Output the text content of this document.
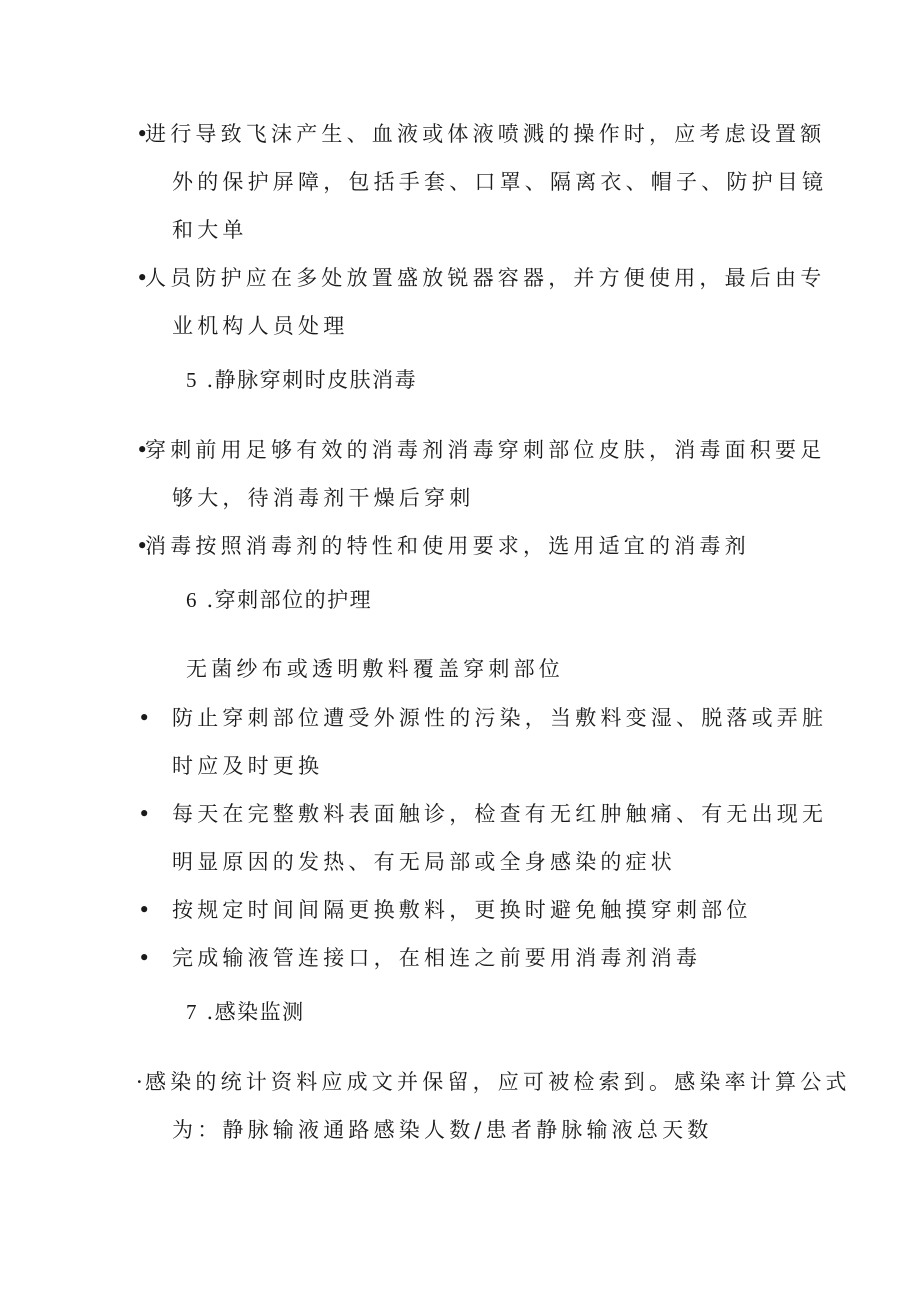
•
进行导致飞沫产生、血液或体液喷溅的操作时，应考虑设置额
外的保护屏障，包括手套、口罩、隔离衣、帽子、防护目镜
和大单
•
人员防护应在多处放置盛放锐器容器，并方便使用，最后由专
业机构人员处理
5 .静脉穿刺时皮肤消毒
•
穿刺前用足够有效的消毒剂消毒穿刺部位皮肤，消毒面积要足
够大，待消毒剂干燥后穿刺
•
消毒按照消毒剂的特性和使用要求，选用适宜的消毒剂
6 .穿刺部位的护理
无菌纱布或透明敷料覆盖穿刺部位
• 防止穿刺部位遭受外源性的污染，当敷料变湿、脱落或弄脏
时应及时更换
• 每天在完整敷料表面触诊，检查有无红肿触痛、有无出现无
明显原因的发热、有无局部或全身感染的症状
• 按规定时间间隔更换敷料，更换时避免触摸穿刺部位
• 完成输液管连接口，在相连之前要用消毒剂消毒
7 .感染监测
· 感染的统计资料应成文并保留，应可被检索到。感染率计算公式
为：静脉输液通路感染人数/患者静脉输液总天数
